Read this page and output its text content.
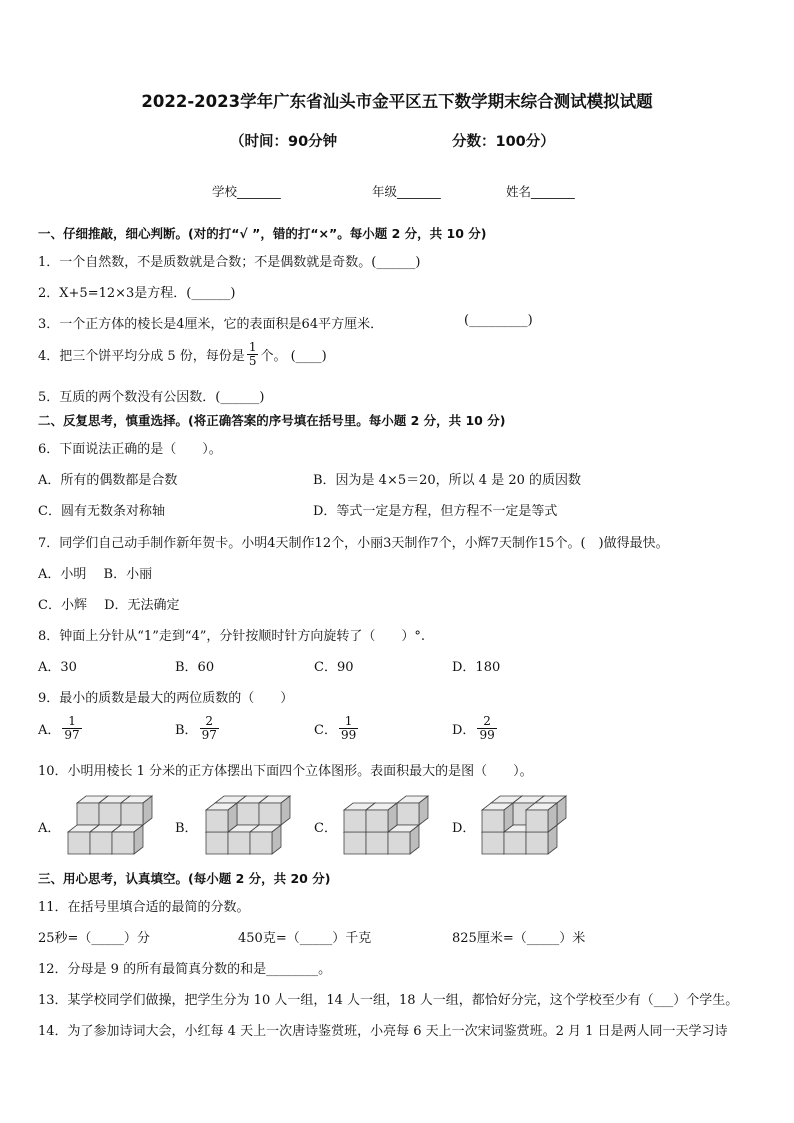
2022-2023学年广东省汕头市金平区五下数学期末综合测试模拟试题
（时间：90分钟	分数：100分）
学校_______	年级_______	姓名_______
一、仔细推敲，细心判断。(对的打“√ ”，错的打“×”。每小题 2 分，共 10 分)
1．一个自然数，不是质数就是合数；不是偶数就是奇数。(______)
2．X+5=12×3是方程．(______)
3．一个正方体的棱长是4厘米，它的表面积是64平方厘米．	(_________)
4．把三个饼平均分成 5 份，每份是 $\frac{1}{5}$ 个。 (____)
5．互质的两个数没有公因数．(______)
二、反复思考，慎重选择。(将正确答案的序号填在括号里。每小题 2 分，共 10 分)
6．下面说法正确的是（　　）。
A．所有的偶数都是合数	B．因为是 4×5＝20，所以 4 是 20 的质因数
C．圆有无数条对称轴	D．等式一定是方程，但方程不一定是等式
7．同学们自己动手制作新年贺卡。小明4天制作12个，小丽3天制作7个，小辉7天制作15个。(　)做得最快。
A．小明　 B．小丽
C．小辉　 D．无法确定
8．钟面上分针从“1”走到“4”，分针按顺时针方向旋转了（　　）°.
A．30	B．60	C．90	D．180
9．最小的质数是最大的两位质数的（　　）
A． $\frac{1}{97}$	B． $\frac{2}{97}$	C． $\frac{1}{99}$	D． $\frac{2}{99}$
10．小明用棱长 1 分米的正方体摆出下面四个立体图形。表面积最大的是图（　　）。
A．	B．	C．	D．
三、用心思考，认真填空。(每小题 2 分，共 20 分)
11．在括号里填合适的最简的分数。
25秒=（_____）分	450克=（_____）千克	825厘米=（_____）米
12．分母是 9 的所有最简真分数的和是________。
13．某学校同学们做操，把学生分为 10 人一组，14 人一组，18 人一组，都恰好分完，这个学校至少有（___）个学生。
14．为了参加诗词大会，小红每 4 天上一次唐诗鉴赏班，小亮每 6 天上一次宋词鉴赏班。2 月 1 日是两人同一天学习诗
